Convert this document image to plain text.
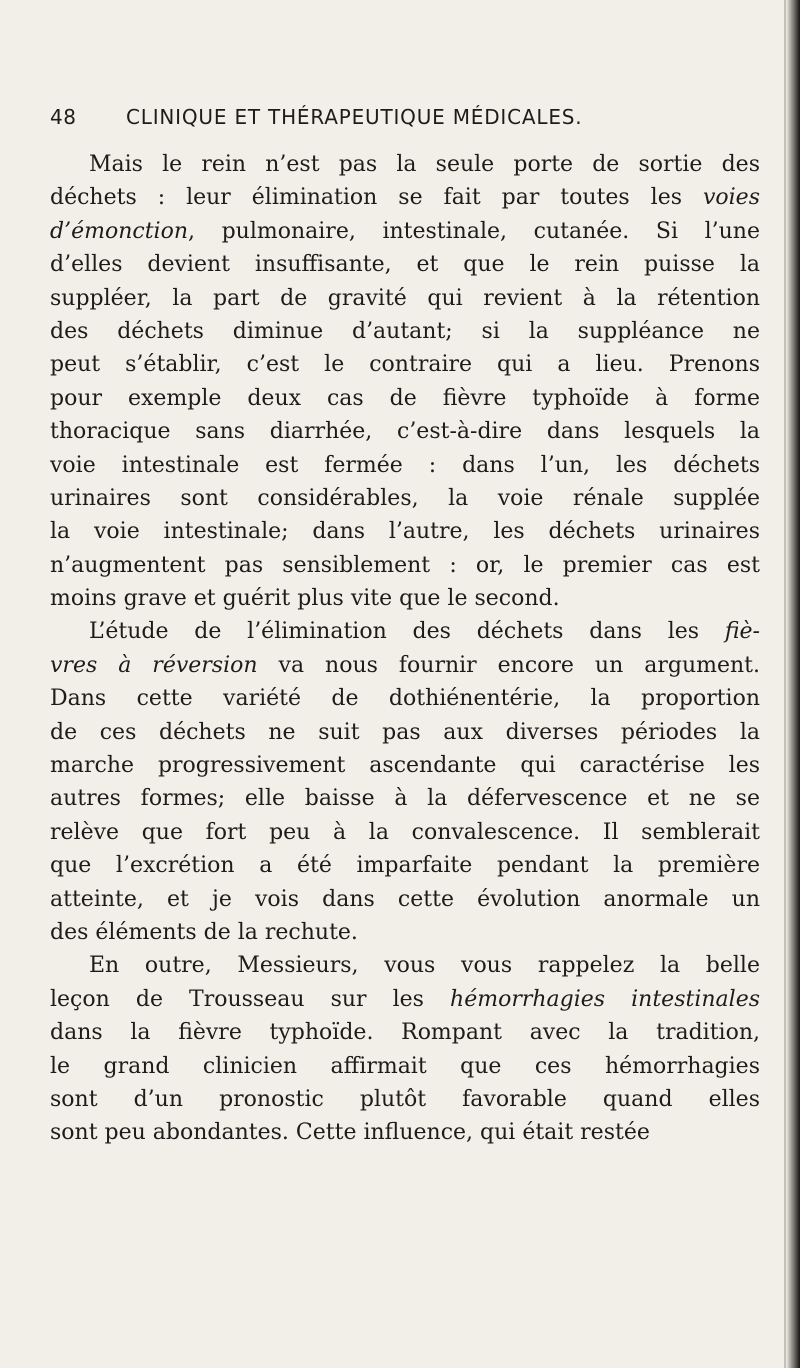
48 CLINIQUE ET THÉRAPEUTIQUE MÉDICALES.
Mais le rein n’est pas la seule porte de sortie des
déchets : leur élimination se fait par toutes les voies
d’émonction, pulmonaire, intestinale, cutanée. Si l’une
d’elles devient insuffisante, et que le rein puisse la
suppléer, la part de gravité qui revient à la rétention
des déchets diminue d’autant; si la suppléance ne
peut s’établir, c’est le contraire qui a lieu. Prenons
pour exemple deux cas de fièvre typhoïde à forme
thoracique sans diarrhée, c’est-à-dire dans lesquels la
voie intestinale est fermée : dans l’un, les déchets
urinaires sont considérables, la voie rénale supplée
la voie intestinale; dans l’autre, les déchets urinaires
n’augmentent pas sensiblement : or, le premier cas est
moins grave et guérit plus vite que le second.
L’étude de l’élimination des déchets dans les fiè-
vres à réversion va nous fournir encore un argument.
Dans cette variété de dothiénentérie, la proportion
de ces déchets ne suit pas aux diverses périodes la
marche progressivement ascendante qui caractérise les
autres formes; elle baisse à la défervescence et ne se
relève que fort peu à la convalescence. Il semblerait
que l’excrétion a été imparfaite pendant la première
atteinte, et je vois dans cette évolution anormale un
des éléments de la rechute.
En outre, Messieurs, vous vous rappelez la belle
leçon de Trousseau sur les hémorrhagies intestinales
dans la fièvre typhoïde. Rompant avec la tradition,
le grand clinicien affirmait que ces hémorrhagies
sont d’un pronostic plutôt favorable quand elles
sont peu abondantes. Cette influence, qui était restée
